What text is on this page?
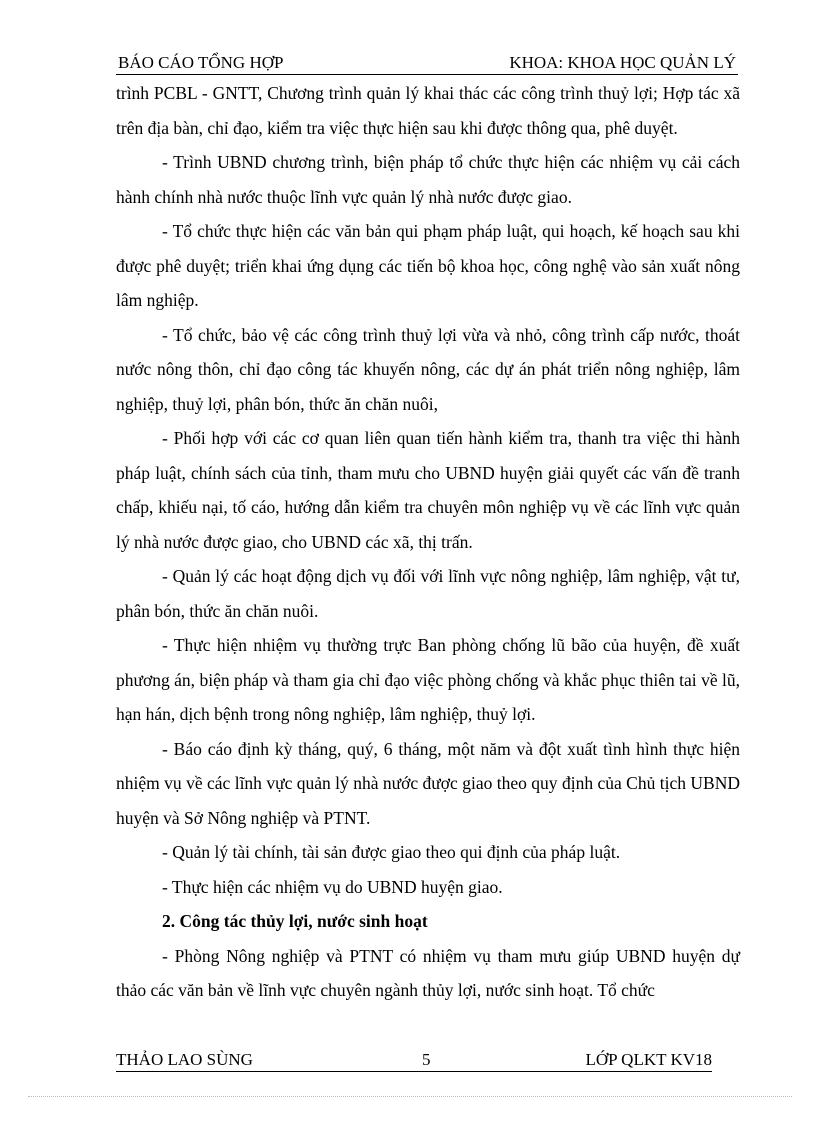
BÁO CÁO TỔNG HỢP	KHOA: KHOA HỌC QUẢN LÝ

trình PCBL - GNTT, Chương trình quản lý khai thác các công trình thuỷ lợi; Hợp tác xã trên địa bàn, chỉ đạo, kiểm tra việc thực hiện sau khi được thông qua, phê duyệt.

- Trình UBND chương trình, biện pháp tổ chức thực hiện các nhiệm vụ cải cách hành chính nhà nước thuộc lĩnh vực quản lý nhà nước được giao.

- Tổ chức thực hiện các văn bản qui phạm pháp luật, qui hoạch, kế hoạch sau khi được phê duyệt; triển khai ứng dụng các tiến bộ khoa học, công nghệ vào sản xuất nông lâm nghiệp.

- Tổ chức, bảo vệ các công trình thuỷ lợi vừa và nhỏ, công trình cấp nước, thoát nước nông thôn, chỉ đạo công tác khuyến nông, các dự án phát triển nông nghiệp, lâm nghiệp, thuỷ lợi, phân bón, thức ăn chăn nuôi,

- Phối hợp với các cơ quan liên quan tiến hành kiểm tra, thanh tra việc thi hành pháp luật, chính sách của tỉnh, tham mưu cho UBND huyện giải quyết các vấn đề tranh chấp, khiếu nại, tố cáo, hướng dẫn kiểm tra chuyên môn nghiệp vụ về các lĩnh vực quản lý nhà nước được giao, cho UBND các xã, thị trấn.

- Quản lý các hoạt động dịch vụ đối với lĩnh vực nông nghiệp, lâm nghiệp, vật tư, phân bón, thức ăn chăn nuôi.

- Thực hiện nhiệm vụ thường trực Ban phòng chống lũ bão của huyện, đề xuất phương án, biện pháp và tham gia chỉ đạo việc phòng chống và khắc phục thiên tai về lũ, hạn hán, dịch bệnh trong nông nghiệp, lâm nghiệp, thuỷ lợi.

- Báo cáo định kỳ tháng, quý, 6 tháng, một năm và đột xuất tình hình thực hiện nhiệm vụ về các lĩnh vực quản lý nhà nước được giao theo quy định của Chủ tịch UBND huyện và Sở Nông nghiệp và PTNT.

- Quản lý tài chính, tài sản được giao theo qui định của pháp luật.

- Thực hiện các nhiệm vụ do UBND huyện giao.

2. Công tác thủy lợi, nước sinh hoạt

- Phòng Nông nghiệp và PTNT có nhiệm vụ tham mưu giúp UBND huyện dự thảo các văn bản về lĩnh vực chuyên ngành thủy lợi, nước sinh hoạt. Tổ chức

THẢO LAO SÙNG	5	LỚP QLKT KV18
